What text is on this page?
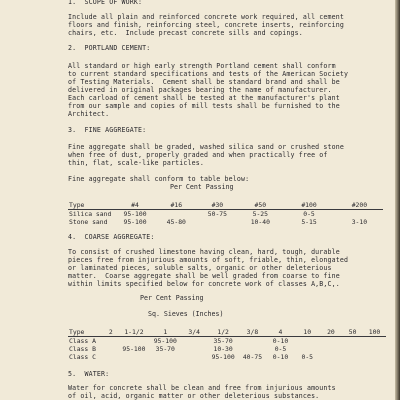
1.  SCOPE OF WORK:
Include all plain and reinforced concrete work required, all cement
floors and finish, reinforcing steel, concrete inserts, reinforcing
chairs, etc.  Include precast concrete sills and copings.
2.  PORTLAND CEMENT:
All standard or high early strength Portland cement shall conform
to current standard specifications and tests of the American Society
of Testing Materials.  Cement shall be standard brand and shall be
delivered in original packages bearing the name of manufacturer.
Each carload of cement shall be tested at the manufacturer's plant
from our sample and copies of mill tests shall be furnished to the
Architect.
3.  FINE AGGREGATE:
Fine aggregate shall be graded, washed silica sand or crushed stone
when free of dust, properly graded and when practically free of
thin, flat, scale-like particles.
Fine aggregate shall conform to table below:
Per Cent Passing
Type	#4	#16	#30	#50	#100	#200
Silica sand	95-100		50-75	5-25	0-5	
Stone sand	95-100	45-80		10-40	5-15	3-10
4.  COARSE AGGREGATE:
To consist of crushed limestone having clean, hard, tough, durable
pieces free from injurious amounts of soft, friable, thin, elongated
or laminated pieces, soluble salts, organic or other deleterious
matter.  Coarse aggregate shall be well graded from coarse to fine
within limits specified below for concrete work of classes A,B,C,.
Per Cent Passing
Sq. Sieves (Inches)
Type	2	1-1/2	1	3/4	1/2	3/8	4	10	20	50	100
Class A			95-100		35-70		0-10				
Class B		95-100	35-70		10-30		0-5				
Class C					95-100	40-75	0-10	0-5			
5.  WATER:
Water for concrete shall be clean and free from injurious amounts
of oil, acid, organic matter or other deleterious substances.
